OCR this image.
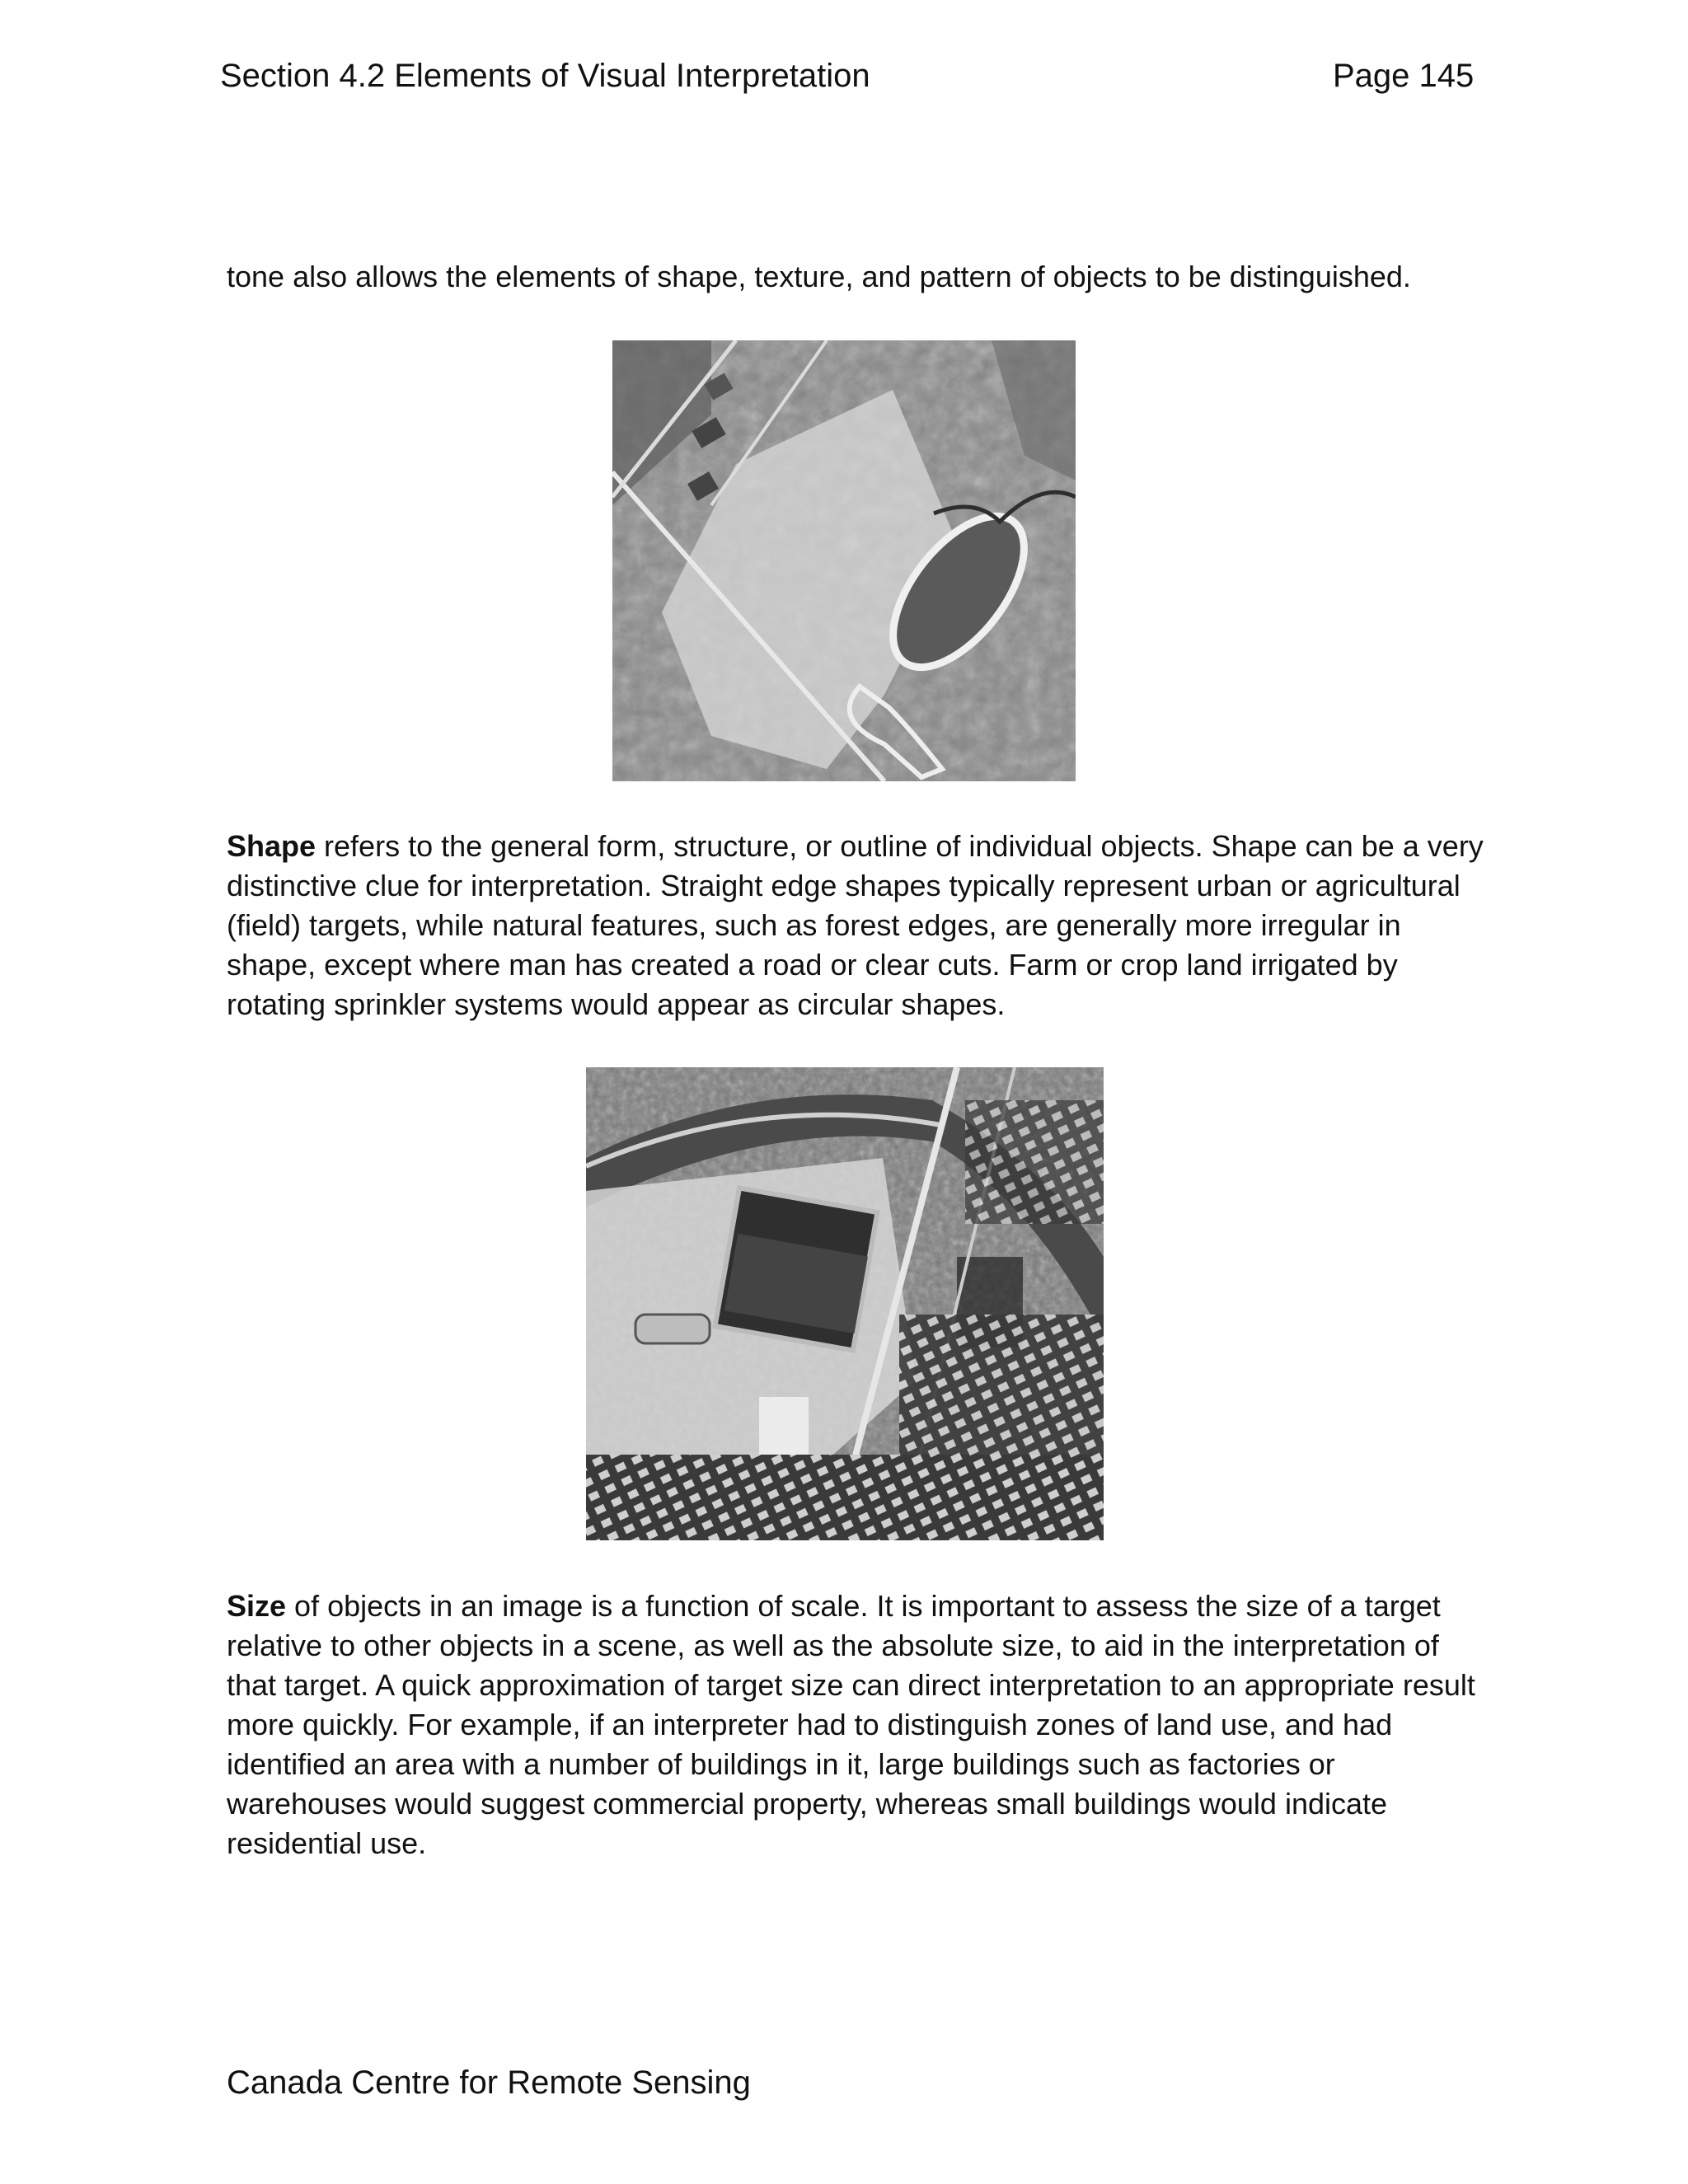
Section 4.2 Elements of Visual Interpretation	Page 145

tone also allows the elements of shape, texture, and pattern of objects to be distinguished.

Shape refers to the general form, structure, or outline of individual objects. Shape can be a very distinctive clue for interpretation. Straight edge shapes typically represent urban or agricultural (field) targets, while natural features, such as forest edges, are generally more irregular in shape, except where man has created a road or clear cuts. Farm or crop land irrigated by rotating sprinkler systems would appear as circular shapes.

Size of objects in an image is a function of scale. It is important to assess the size of a target relative to other objects in a scene, as well as the absolute size, to aid in the interpretation of that target. A quick approximation of target size can direct interpretation to an appropriate result more quickly. For example, if an interpreter had to distinguish zones of land use, and had identified an area with a number of buildings in it, large buildings such as factories or warehouses would suggest commercial property, whereas small buildings would indicate residential use.

Canada Centre for Remote Sensing
